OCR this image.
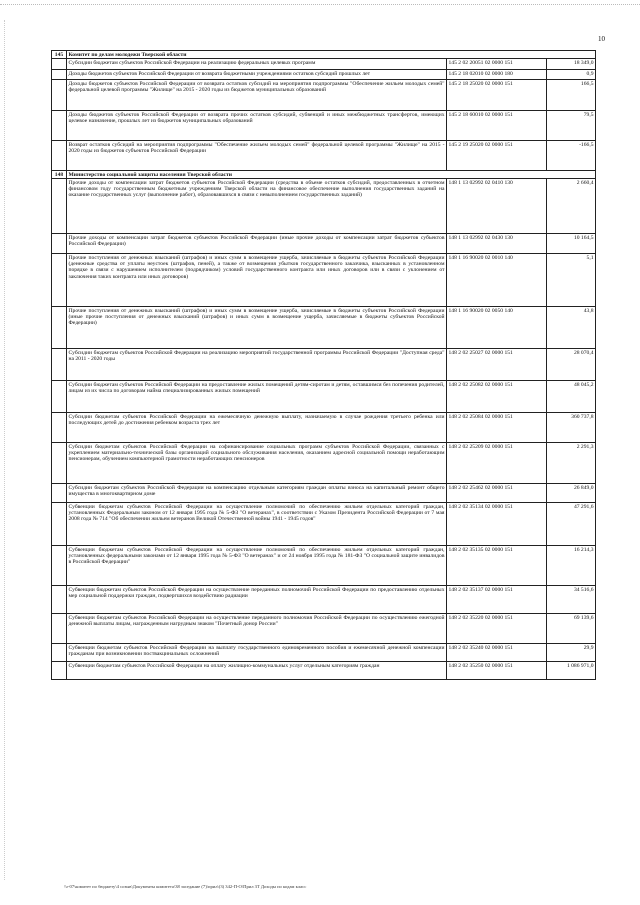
10
145	Комитет по делам молодежи Тверской области		
	Субсидии бюджетам субъектов Российской Федерации на реализацию федеральных целевых программ	145 2 02 20051 02 0000 151	18 349,0
	Доходы бюджетов субъектов Российской Федерации от возврата бюджетными учреждениями остатков субсидий прошлых лет	145 2 18 02010 02 0000 180	0,9
	Доходы бюджетов субъектов Российской Федерации от возврата остатков субсидий на мероприятия подпрограммы "Обеспечение жильем молодых семей" федеральной целевой программы "Жилище" на 2015 - 2020 годы из бюджетов муниципальных образований	145 2 18 25020 02 0000 151	166,5
	Доходы бюджетов субъектов Российской Федерации от возврата прочих остатков субсидий, субвенций и иных межбюджетных трансфертов, имеющих целевое назначение, прошлых лет из бюджетов муниципальных образований	145 2 18 60010 02 0000 151	79,5
	Возврат остатков субсидий на мероприятия подпрограммы "Обеспечение жильем молодых семей" федеральной целевой программы "Жилище" на 2015 - 2020 годы из бюджетов субъектов Российской Федерации	145 2 19 25020 02 0000 151	-166,5
148	Министерство социальной защиты населения Тверской области		
	Прочие доходы от компенсации затрат бюджетов субъектов Российской Федерации (средства в объеме остатков субсидий, предоставленных в отчетном финансовом году государственным бюджетным учреждениям Тверской области на финансовое обеспечение выполнения государственных заданий на оказание государственных услуг (выполнение работ), образовавшихся в связи с невыполнением государственных заданий)	148 1 13 02992 02 0410 130	2 660,4
	Прочие доходы от компенсации затрат бюджетов субъектов Российской Федерации (иные прочие доходы от компенсации затрат бюджетов субъектов Российской Федерации)	148 1 13 02992 02 0430 130	10 164,5
	Прочие поступления от денежных взысканий (штрафов) и иных сумм в возмещение ущерба, зачисляемые в бюджеты субъектов Российской Федерации (денежные средства от уплаты неустоек (штрафов, пеней), а также от возмещения убытков государственного заказчика, взысканных в установленном порядке в связи с нарушением исполнителем (подрядчиком) условий государственного контракта или иных договоров или в связи с уклонением от заключения таких контракта или иных договоров)	148 1 16 90020 02 0010 140	5,1
	Прочие поступления от денежных взысканий (штрафов) и иных сумм в возмещение ущерба, зачисляемые в бюджеты субъектов Российской Федерации (иные прочие поступления от денежных взысканий (штрафов) и иных сумм в возмещение ущерба, зачисляемые в бюджеты субъектов Российской Федерации)	148 1 16 90020 02 0050 140	43,8
	Субсидии бюджетам субъектов Российской Федерации на реализацию мероприятий государственной программы Российской Федерации "Доступная среда" на 2011 - 2020 годы	148 2 02 25027 02 0000 151	28 070,4
	Субсидии бюджетам субъектов Российской Федерации на предоставление жилых помещений детям-сиротам и детям, оставшимся без попечения родителей, лицам из их числа по договорам найма специализированных жилых помещений	148 2 02 25082 02 0000 151	48 045,2
	Субсидии бюджетам субъектов Российской Федерации на ежемесячную денежную выплату, назначаемую в случае рождения третьего ребенка или последующих детей до достижения ребенком возраста трех лет	148 2 02 25084 02 0000 151	360 737,8
	Субсидии бюджетам субъектов Российской Федерации на софинансирование социальных программ субъектов Российской Федерации, связанных с укреплением материально-технической базы организаций социального обслуживания населения, оказанием адресной социальной помощи неработающим пенсионерам, обучением компьютерной грамотности неработающих пенсионеров	148 2 02 25209 02 0000 151	2 291,3
	Субсидии бюджетам субъектов Российской Федерации на компенсацию отдельным категориям граждан оплаты взноса на капитальный ремонт общего имущества в многоквартирном доме	148 2 02 25462 02 0000 151	26 849,0
	Субвенции бюджетам субъектов Российской Федерации на осуществление полномочий по обеспечению жильем отдельных категорий граждан, установленных Федеральным законом от 12 января 1995 года № 5-ФЗ "О ветеранах", в соответствии с Указом Президента Российской Федерации от 7 мая 2008 года № 714 "Об обеспечении жильем ветеранов Великой Отечественной войны 1941 - 1945 годов"	148 2 02 35134 02 0000 151	47 291,6
	Субвенции бюджетам субъектов Российской Федерации на осуществление полномочий по обеспечению жильем отдельных категорий граждан, установленных федеральными законами от 12 января 1995 года № 5-ФЗ "О ветеранах" и от 24 ноября 1995 года № 181-ФЗ "О социальной защите инвалидов в Российской Федерации"	148 2 02 35135 02 0000 151	16 214,3
	Субвенции бюджетам субъектов Российской Федерации на осуществление переданных полномочий Российской Федерации по предоставлению отдельных мер социальной поддержки граждан, подвергшихся воздействию радиации	148 2 02 35137 02 0000 151	34 516,6
	Субвенции бюджетам субъектов Российской Федерации на осуществление переданного полномочия Российской Федерации по осуществлению ежегодной денежной выплаты лицам, награжденным нагрудным знаком "Почетный донор России"	148 2 02 35220 02 0000 151	69 139,6
	Субвенции бюджетам субъектов Российской Федерации на выплату государственного единовременного пособия и ежемесячной денежной компенсации гражданам при возникновении поствакцинальных осложнений	148 2 02 35240 02 0000 151	29,9
	Субвенции бюджетам субъектов Российской Федерации на оплату жилищно-коммунальных услуг отдельным категориям граждан	148 2 02 35250 02 0000 151	1 086 971,0
\\r-07\комитет по бюджету\4 созыв\Документы комитета\38 заседание (7)\прил\(3) 342-П-О\Прил 3Т Доходы по кодам класс
